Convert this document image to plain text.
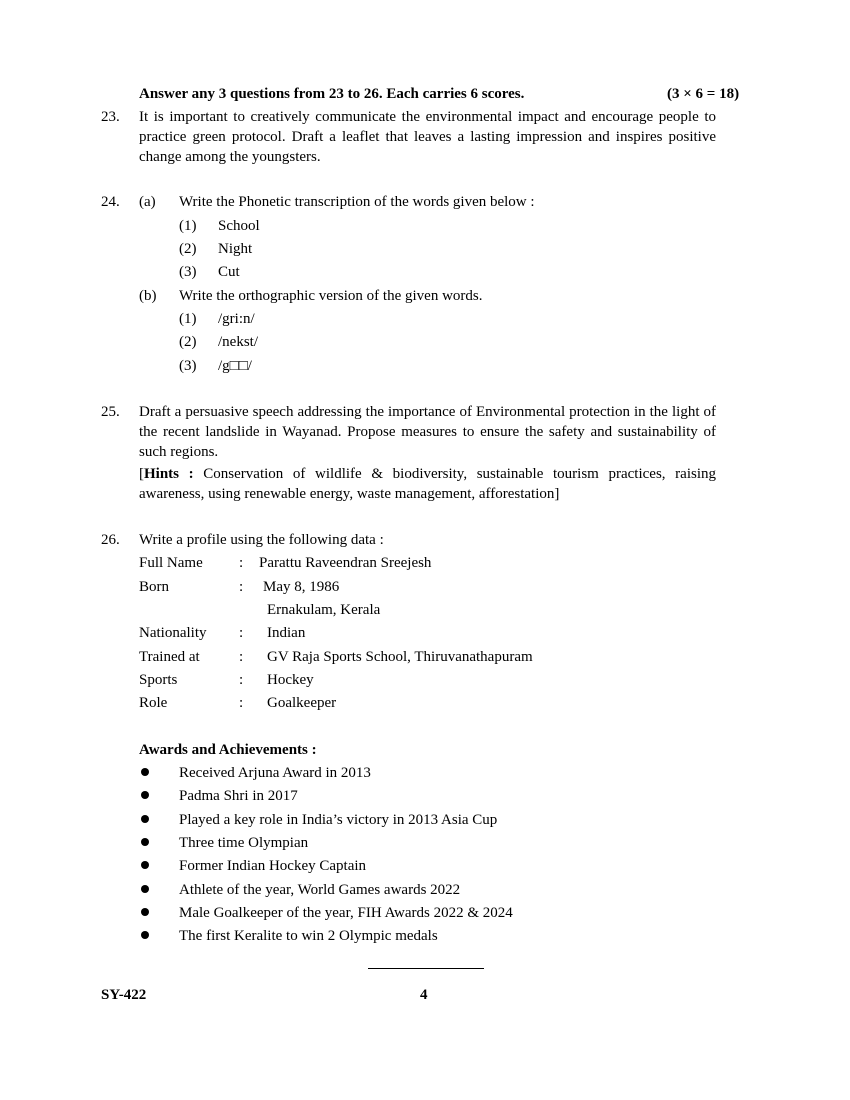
Answer any 3 questions from 23 to 26. Each carries 6 scores.	(3 × 6 = 18)
23. It is important to creatively communicate the environmental impact and encourage people to practice green protocol. Draft a leaflet that leaves a lasting impression and inspires positive change among the youngsters.
24. (a) Write the Phonetic transcription of the words given below :
(1) School
(2) Night
(3) Cut
(b) Write the orthographic version of the given words.
(1) /gri:n/
(2) /nekst/
(3) /g□□/
25. Draft a persuasive speech addressing the importance of Environmental protection in the light of the recent landslide in Wayanad. Propose measures to ensure the safety and sustainability of such regions.
[Hints : Conservation of wildlife & biodiversity, sustainable tourism practices, raising awareness, using renewable energy, waste management, afforestation]
26. Write a profile using the following data :
Full Name : Parattu Raveendran Sreejesh
Born	: May 8, 1986
Ernakulam, Kerala
Nationality : Indian
Trained at	: GV Raja Sports School, Thiruvanathapuram
Sports	: Hockey
Role	: Goalkeeper
Awards and Achievements :
Received Arjuna Award in 2013
Padma Shri in 2017
Played a key role in India’s victory in 2013 Asia Cup
Three time Olympian
Former Indian Hockey Captain
Athlete of the year, World Games awards 2022
Male Goalkeeper of the year, FIH Awards 2022 & 2024
The first Keralite to win 2 Olympic medals
SY-422	4
